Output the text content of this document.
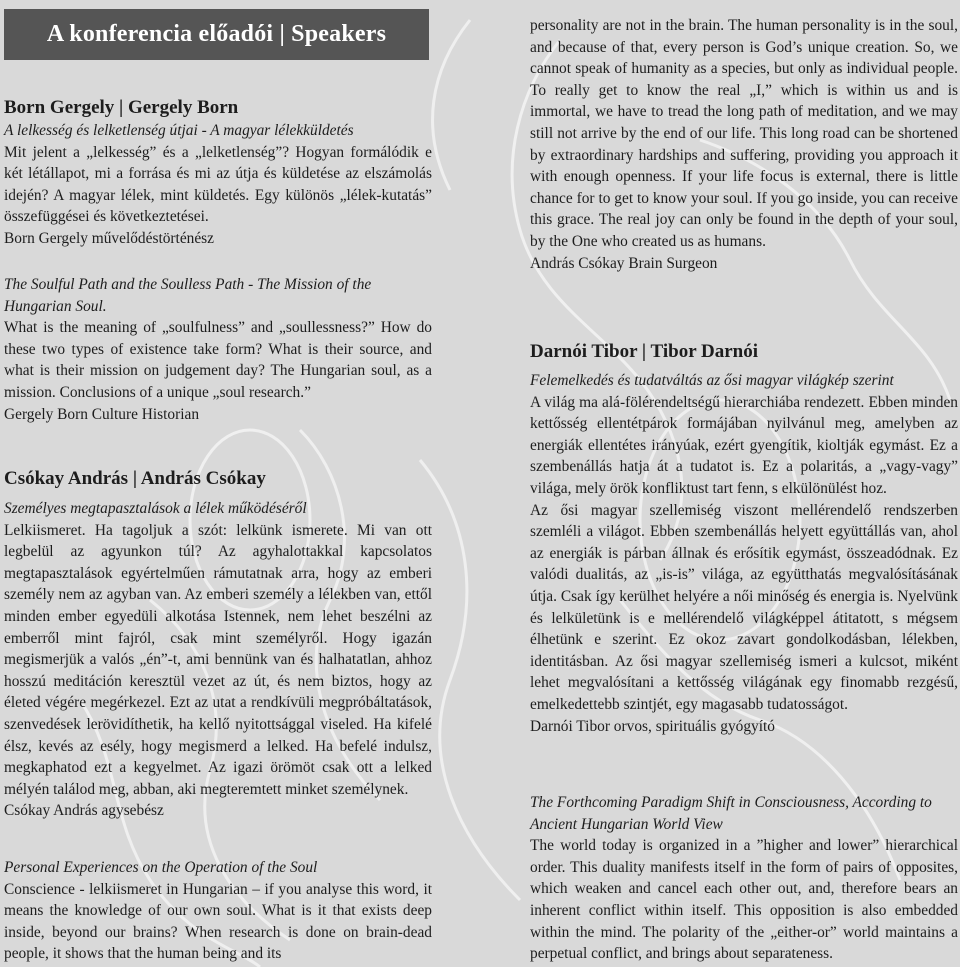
A konferencia előadói | Speakers

Born Gergely | Gergely Born

A lelkesség és lelketlenség útjai - A magyar lélekküldetés

Mit jelent a „lelkesség” és a „lelketlenség”? Hogyan formálódik e két létállapot, mi a forrása és mi az útja és küldetése az elszámolás idején? A magyar lélek, mint küldetés. Egy különös „lélek-kutatás” összefüggései és következtetései.

Born Gergely művelődéstörténész

The Soulful Path and the Soulless Path - The Mission of the Hungarian Soul.

What is the meaning of „soulfulness” and „soullessness?” How do these two types of existence take form? What is their source, and what is their mission on judgement day? The Hungarian soul, as a mission. Conclusions of a unique „soul research.”

Gergely Born Culture Historian

Csókay András | András Csókay

Személyes megtapasztalások a lélek működéséről

Lelkiismeret. Ha tagoljuk a szót: lelkünk ismerete. Mi van ott legbelül az agyunkon túl? Az agyhalottakkal kapcsolatos megtapasztalások egyértelműen rámutatnak arra, hogy az emberi személy nem az agyban van. Az emberi személy a lélekben van, ettől minden ember egyedüli alkotása Istennek, nem lehet beszélni az emberről mint fajról, csak mint személyről. Hogy igazán megismerjük a valós „én”-t, ami bennünk van és halhatatlan, ahhoz hosszú meditáción keresztül vezet az út, és nem biztos, hogy az életed végére megérkezel. Ezt az utat a rendkívüli megpróbáltatások, szenvedések lerövidíthetik, ha kellő nyitottsággal viseled. Ha kifelé élsz, kevés az esély, hogy megismerd a lelked. Ha befelé indulsz, megkaphatod ezt a kegyelmet. Az igazi örömöt csak ott a lelked mélyén találod meg, abban, aki megteremtett minket személynek.

Csókay András agysebész

Personal Experiences on the Operation of the Soul

Conscience - lelkiismeret in Hungarian – if you analyse this word, it means the knowledge of our own soul. What is it that exists deep inside, beyond our brains? When research is done on brain-dead people, it shows that the human being and its

personality are not in the brain. The human personality is in the soul, and because of that, every person is God’s unique creation. So, we cannot speak of humanity as a species, but only as individual people. To really get to know the real „I,” which is within us and is immortal, we have to tread the long path of meditation, and we may still not arrive by the end of our life. This long road can be shortened by extraordinary hardships and suffering, providing you approach it with enough openness. If your life focus is external, there is little chance for to get to know your soul. If you go inside, you can receive this grace. The real joy can only be found in the depth of your soul, by the One who created us as humans.

András Csókay Brain Surgeon

Darnói Tibor | Tibor Darnói

Felemelkedés és tudatváltás az ősi magyar világkép szerint

A világ ma alá-fölérendeltségű hierarchiába rendezett. Ebben minden kettősség ellentétpárok formájában nyilvánul meg, amelyben az energiák ellentétes irányúak, ezért gyengítik, kioltják egymást. Ez a szembenállás hatja át a tudatot is. Ez a polaritás, a „vagy-vagy” világa, mely örök konfliktust tart fenn, s elkülönülést hoz.

Az ősi magyar szellemiség viszont mellérendelő rendszerben szemléli a világot. Ebben szembenállás helyett együttállás van, ahol az energiák is párban állnak és erősítik egymást, összeadódnak. Ez valódi dualitás, az „is-is” világa, az együtthatás megvalósításának útja. Csak így kerülhet helyére a női minőség és energia is. Nyelvünk és lelkületünk is e mellérendelő világképpel átitatott, s mégsem élhetünk e szerint. Ez okoz zavart gondolkodásban, lélekben, identitásban. Az ősi magyar szellemiség ismeri a kulcsot, miként lehet megvalósítani a kettősség világának egy finomabb rezgésű, emelkedettebb szintjét, egy magasabb tudatosságot.

Darnói Tibor orvos, spirituális gyógyító

The Forthcoming Paradigm Shift in Consciousness, According to Ancient Hungarian World View

The world today is organized in a ”higher and lower” hierarchical order. This duality manifests itself in the form of pairs of opposites, which weaken and cancel each other out, and, therefore bears an inherent conflict within itself. This opposition is also embedded within the mind. The polarity of the „either-or” world maintains a perpetual conflict, and brings about separateness.
